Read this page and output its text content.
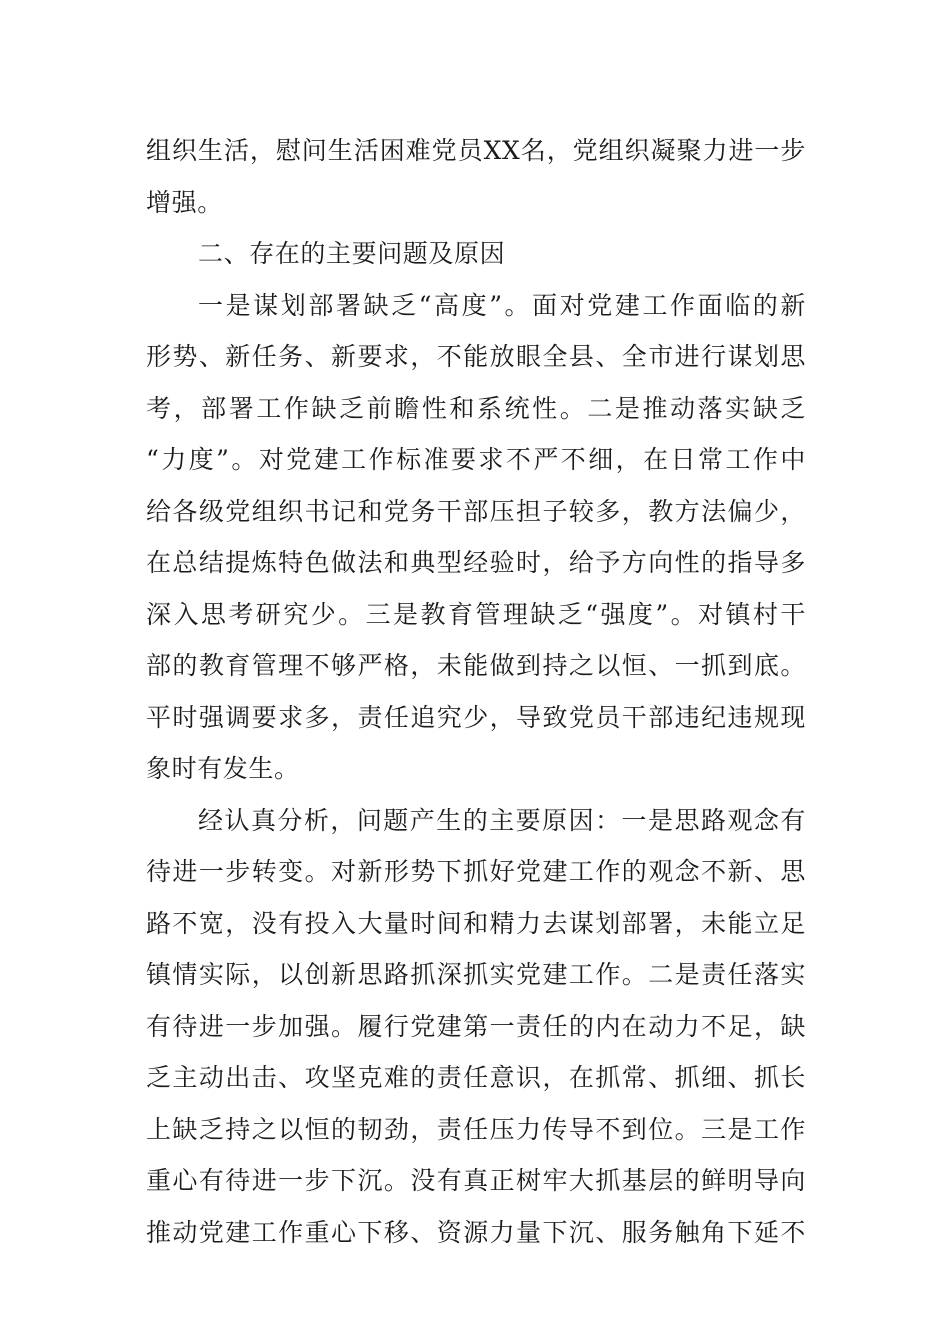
组织生活，慰问生活困难党员XX名，党组织凝聚力进一步
增强。
二、存在的主要问题及原因
一是谋划部署缺乏“高度”。面对党建工作面临的新
形势、新任务、新要求，不能放眼全县、全市进行谋划思
考，部署工作缺乏前瞻性和系统性。二是推动落实缺乏
“力度”。对党建工作标准要求不严不细，在日常工作中
给各级党组织书记和党务干部压担子较多，教方法偏少，
在总结提炼特色做法和典型经验时，给予方向性的指导多
深入思考研究少。三是教育管理缺乏“强度”。对镇村干
部的教育管理不够严格，未能做到持之以恒、一抓到底。
平时强调要求多，责任追究少，导致党员干部违纪违规现
象时有发生。
经认真分析，问题产生的主要原因：一是思路观念有
待进一步转变。对新形势下抓好党建工作的观念不新、思
路不宽，没有投入大量时间和精力去谋划部署，未能立足
镇情实际，以创新思路抓深抓实党建工作。二是责任落实
有待进一步加强。履行党建第一责任的内在动力不足，缺
乏主动出击、攻坚克难的责任意识，在抓常、抓细、抓长
上缺乏持之以恒的韧劲，责任压力传导不到位。三是工作
重心有待进一步下沉。没有真正树牢大抓基层的鲜明导向
推动党建工作重心下移、资源力量下沉、服务触角下延不
